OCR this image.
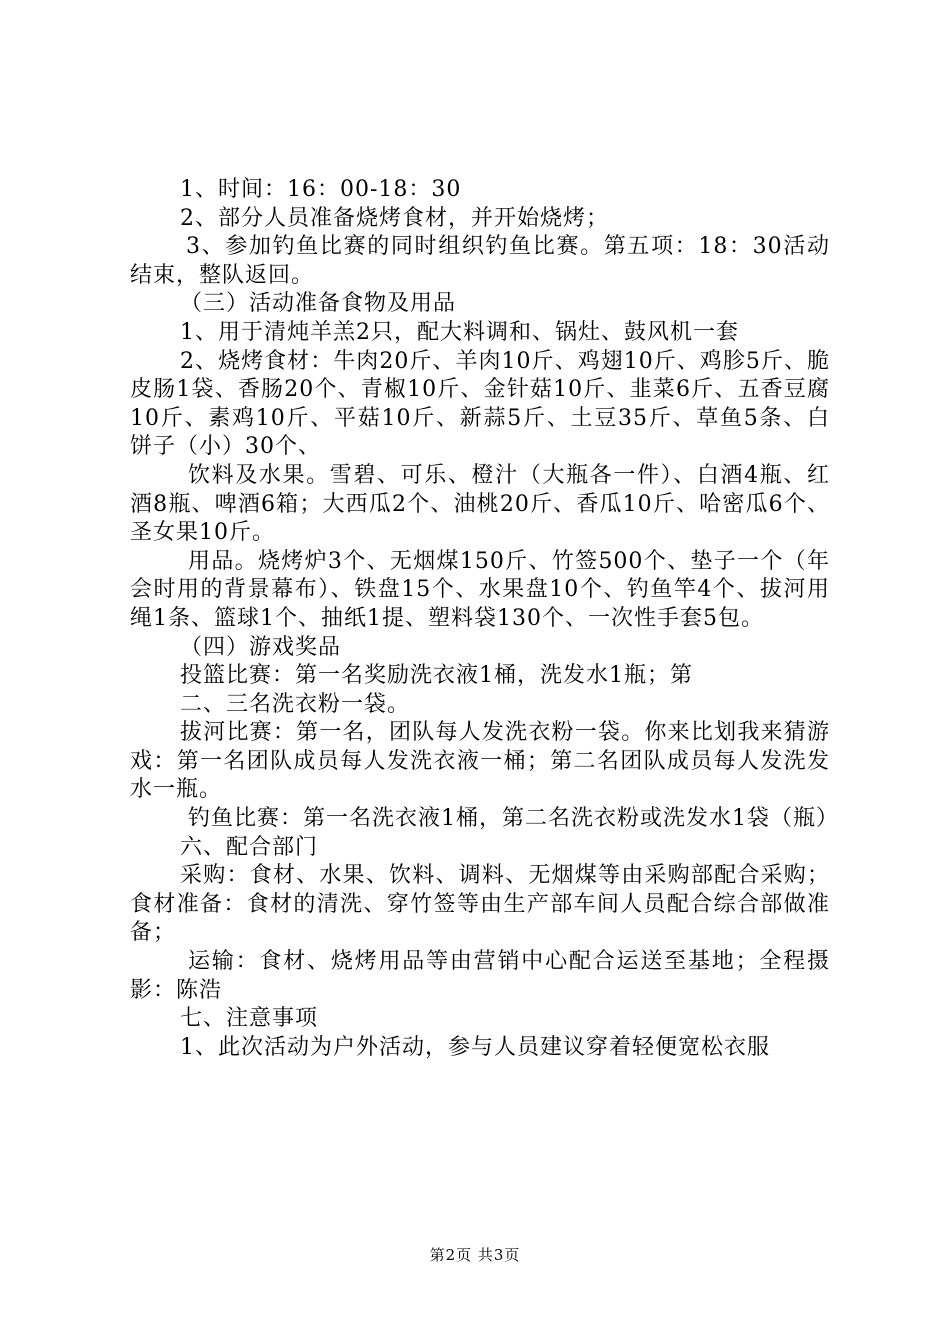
1、时间：16：00-18：30

2、部分人员准备烧烤食材，并开始烧烤；

3、参加钓鱼比赛的同时组织钓鱼比赛。第五项：18：30活动结束，整队返回。

（三）活动准备食物及用品

1、用于清炖羊羔2只，配大料调和、锅灶、鼓风机一套

2、烧烤食材：牛肉20斤、羊肉10斤、鸡翅10斤、鸡胗5斤、脆皮肠1袋、香肠20个、青椒10斤、金针菇10斤、韭菜6斤、五香豆腐10斤、素鸡10斤、平菇10斤、新蒜5斤、土豆35斤、草鱼5条、白饼子（小）30个、

饮料及水果。雪碧、可乐、橙汁（大瓶各一件）、白酒4瓶、红酒8瓶、啤酒6箱；大西瓜2个、油桃20斤、香瓜10斤、哈密瓜6个、圣女果10斤。

用品。烧烤炉3个、无烟煤150斤、竹签500个、垫子一个（年会时用的背景幕布）、铁盘15个、水果盘10个、钓鱼竿4个、拔河用绳1条、篮球1个、抽纸1提、塑料袋130个、一次性手套5包。

（四）游戏奖品

投篮比赛：第一名奖励洗衣液1桶，洗发水1瓶；第

二、三名洗衣粉一袋。

拔河比赛：第一名，团队每人发洗衣粉一袋。你来比划我来猜游戏：第一名团队成员每人发洗衣液一桶；第二名团队成员每人发洗发水一瓶。

钓鱼比赛：第一名洗衣液1桶，第二名洗衣粉或洗发水1袋（瓶）

六、配合部门

采购：食材、水果、饮料、调料、无烟煤等由采购部配合采购；食材准备：食材的清洗、穿竹签等由生产部车间人员配合综合部做准备；

运输：食材、烧烤用品等由营销中心配合运送至基地；全程摄影：陈浩

七、注意事项

1、此次活动为户外活动，参与人员建议穿着轻便宽松衣服

第2页 共3页
